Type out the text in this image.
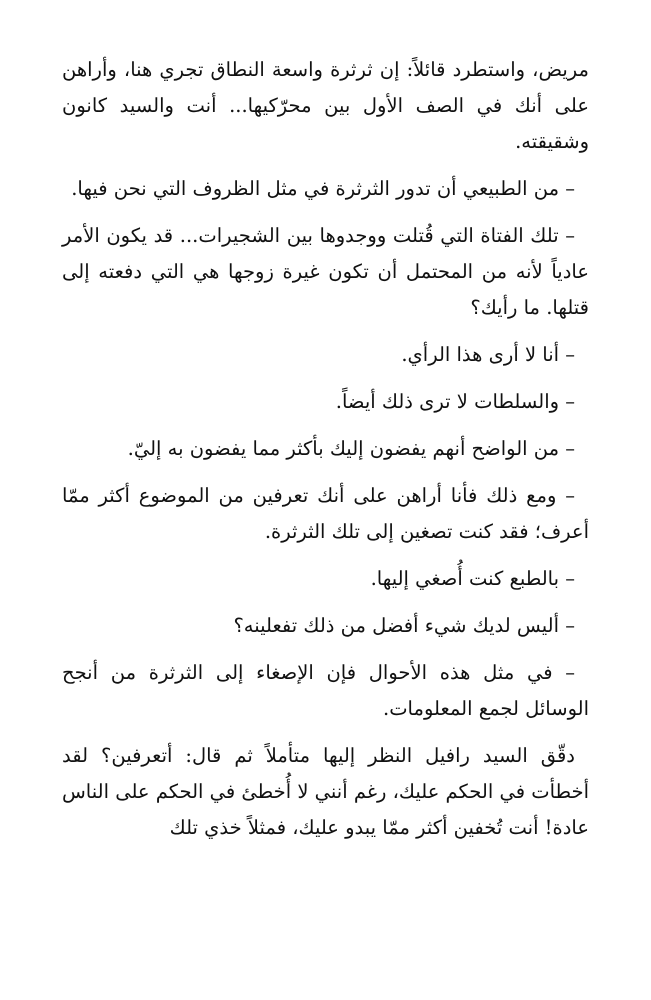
مريض، واستطرد قائلاً: إن ثرثرة واسعة النطاق تجري هنا، وأراهن على أنك في الصف الأول بين محرّكيها... أنت والسيد كانون وشقيقته.

– من الطبيعي أن تدور الثرثرة في مثل الظروف التي نحن فيها.

– تلك الفتاة التي قُتلت ووجدوها بين الشجيرات... قد يكون الأمر عادياً لأنه من المحتمل أن تكون غيرة زوجها هي التي دفعته إلى قتلها. ما رأيك؟

– أنا لا أرى هذا الرأي.

– والسلطات لا ترى ذلك أيضاً.

– من الواضح أنهم يفضون إليك بأكثر مما يفضون به إليّ.

– ومع ذلك فأنا أراهن على أنك تعرفين من الموضوع أكثر ممّا أعرف؛ فقد كنت تصغين إلى تلك الثرثرة.

– بالطبع كنت أُصغي إليها.

– أليس لديك شيء أفضل من ذلك تفعلينه؟

– في مثل هذه الأحوال فإن الإصغاء إلى الثرثرة من أنجح الوسائل لجمع المعلومات.

دقّق السيد رافيل النظر إليها متأملاً ثم قال: أتعرفين؟ لقد أخطأت في الحكم عليك، رغم أنني لا أُخطئ في الحكم على الناس عادة! أنت تُخفين أكثر ممّا يبدو عليك، فمثلاً خذي تلك
